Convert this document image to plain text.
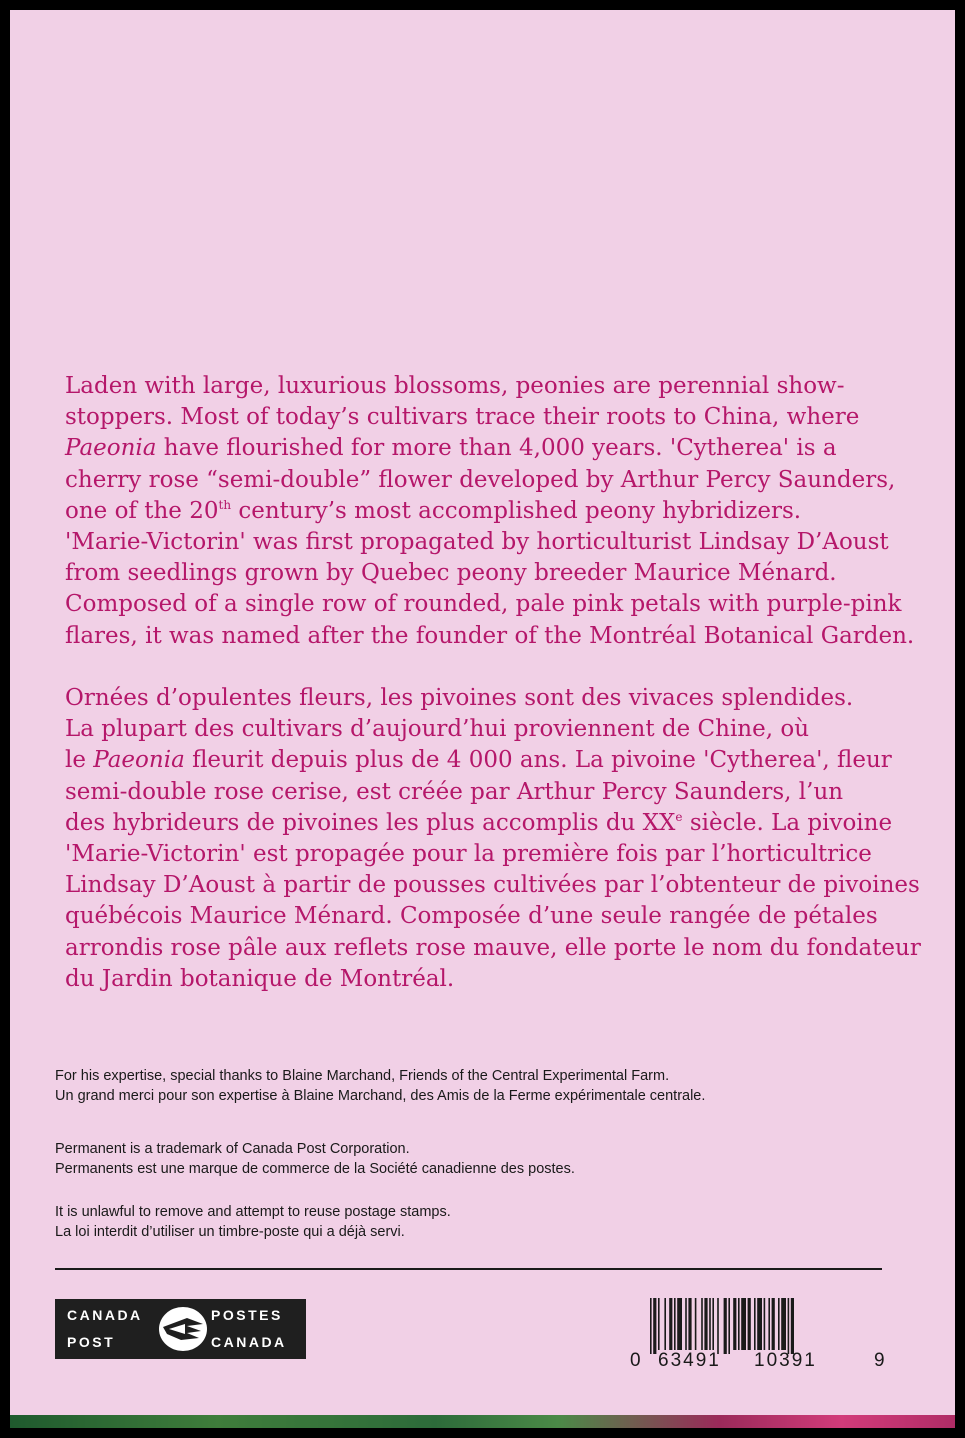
Laden with large, luxurious blossoms, peonies are perennial show-
stoppers. Most of today’s cultivars trace their roots to China, where
Paeonia have flourished for more than 4,000 years. 'Cytherea' is a
cherry rose “semi-double” flower developed by Arthur Percy Saunders,
one of the 20th century’s most accomplished peony hybridizers.
'Marie-Victorin' was first propagated by horticulturist Lindsay D’Aoust
from seedlings grown by Quebec peony breeder Maurice Ménard.
Composed of a single row of rounded, pale pink petals with purple-pink
flares, it was named after the founder of the Montréal Botanical Garden.
Ornées d’opulentes fleurs, les pivoines sont des vivaces splendides.
La plupart des cultivars d’aujourd’hui proviennent de Chine, où
le Paeonia fleurit depuis plus de 4 000 ans. La pivoine 'Cytherea', fleur
semi-double rose cerise, est créée par Arthur Percy Saunders, l’un
des hybrideurs de pivoines les plus accomplis du XXe siècle. La pivoine
'Marie-Victorin' est propagée pour la première fois par l’horticultrice
Lindsay D’Aoust à partir de pousses cultivées par l’obtenteur de pivoines
québécois Maurice Ménard. Composée d’une seule rangée de pétales
arrondis rose pâle aux reflets rose mauve, elle porte le nom du fondateur
du Jardin botanique de Montréal.
For his expertise, special thanks to Blaine Marchand, Friends of the Central Experimental Farm.
Un grand merci pour son expertise à Blaine Marchand, des Amis de la Ferme expérimentale centrale.
Permanent is a trademark of Canada Post Corporation.
Permanents est une marque de commerce de la Société canadienne des postes.
It is unlawful to remove and attempt to reuse postage stamps.
La loi interdit d’utiliser un timbre-poste qui a déjà servi.
CANADA
POST
POSTES
CANADA
0 63491 10391	9
